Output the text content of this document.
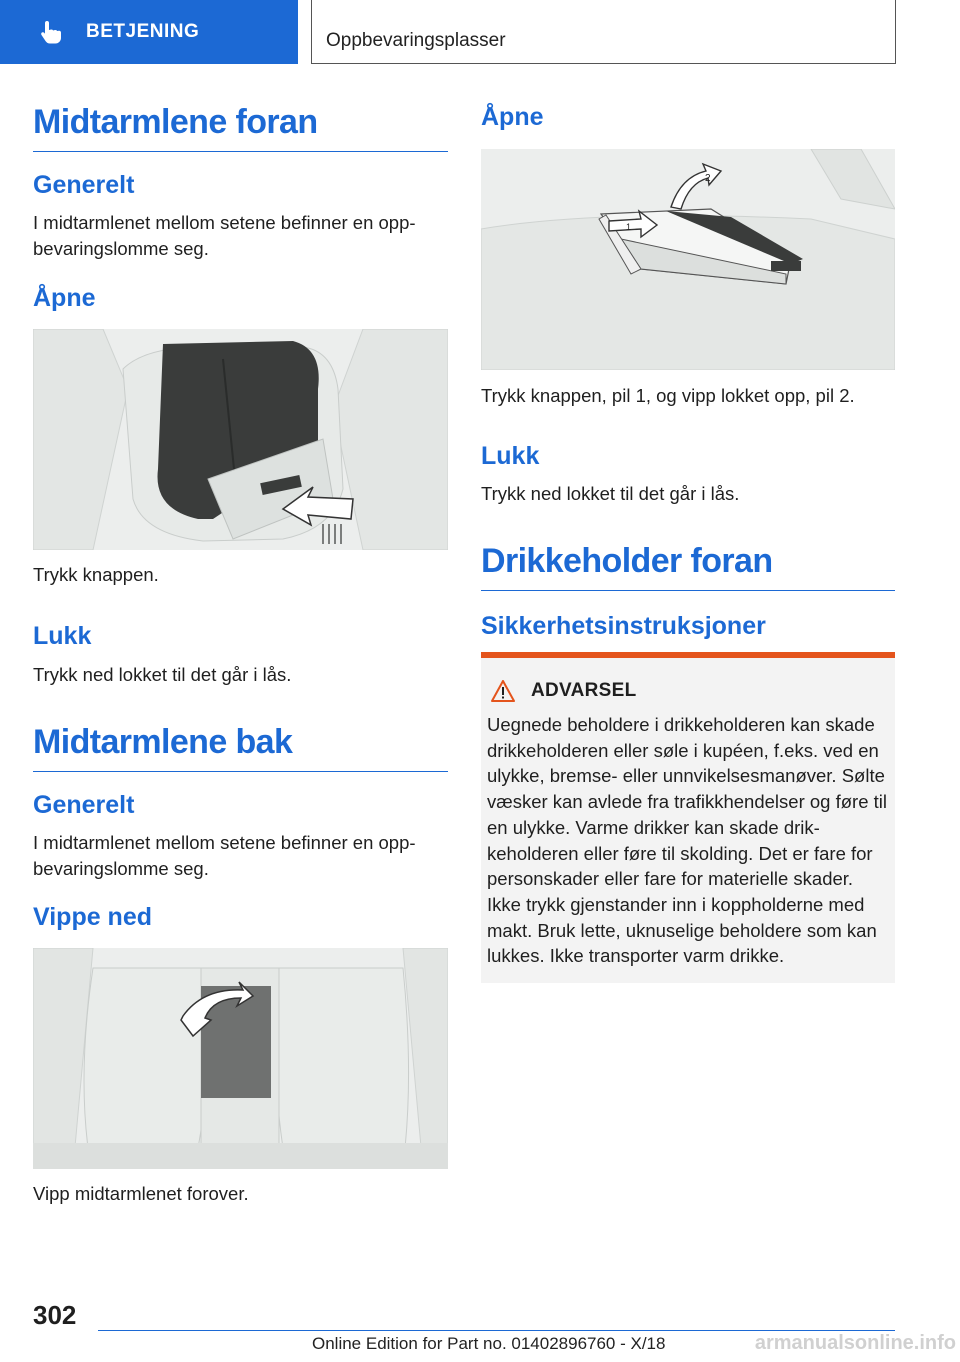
BETJENING	Oppbevaringsplasser
Midtarmlene foran
Generelt
I midtarmlenet mellom setene befinner en opp-bevaringslomme seg.
Åpne
Trykk knappen.
Lukk
Trykk ned lokket til det går i lås.
Midtarmlene bak
Generelt
I midtarmlenet mellom setene befinner en opp-bevaringslomme seg.
Vippe ned
Vipp midtarmlenet forover.
Åpne
2
1
Trykk knappen, pil 1, og vipp lokket opp, pil 2.
Lukk
Trykk ned lokket til det går i lås.
Drikkeholder foran
Sikkerhetsinstruksjoner
ADVARSEL
Uegnede beholdere i drikkeholderen kan skade drikkeholderen eller søle i kupéen, f.eks. ved en ulykke, bremse- eller unnvikelsesmanøver. Sølte væsker kan avlede fra trafikkhendelser og føre til en ulykke. Varme drikker kan skade drik-keholderen eller føre til skolding. Det er fare for personskader eller fare for materielle skader. Ikke trykk gjenstander inn i koppholderne med makt. Bruk lette, uknuselige beholdere som kan lukkes. Ikke transporter varm drikke.
302
Online Edition for Part no. 01402896760 - X/18	armanualsonline.info
